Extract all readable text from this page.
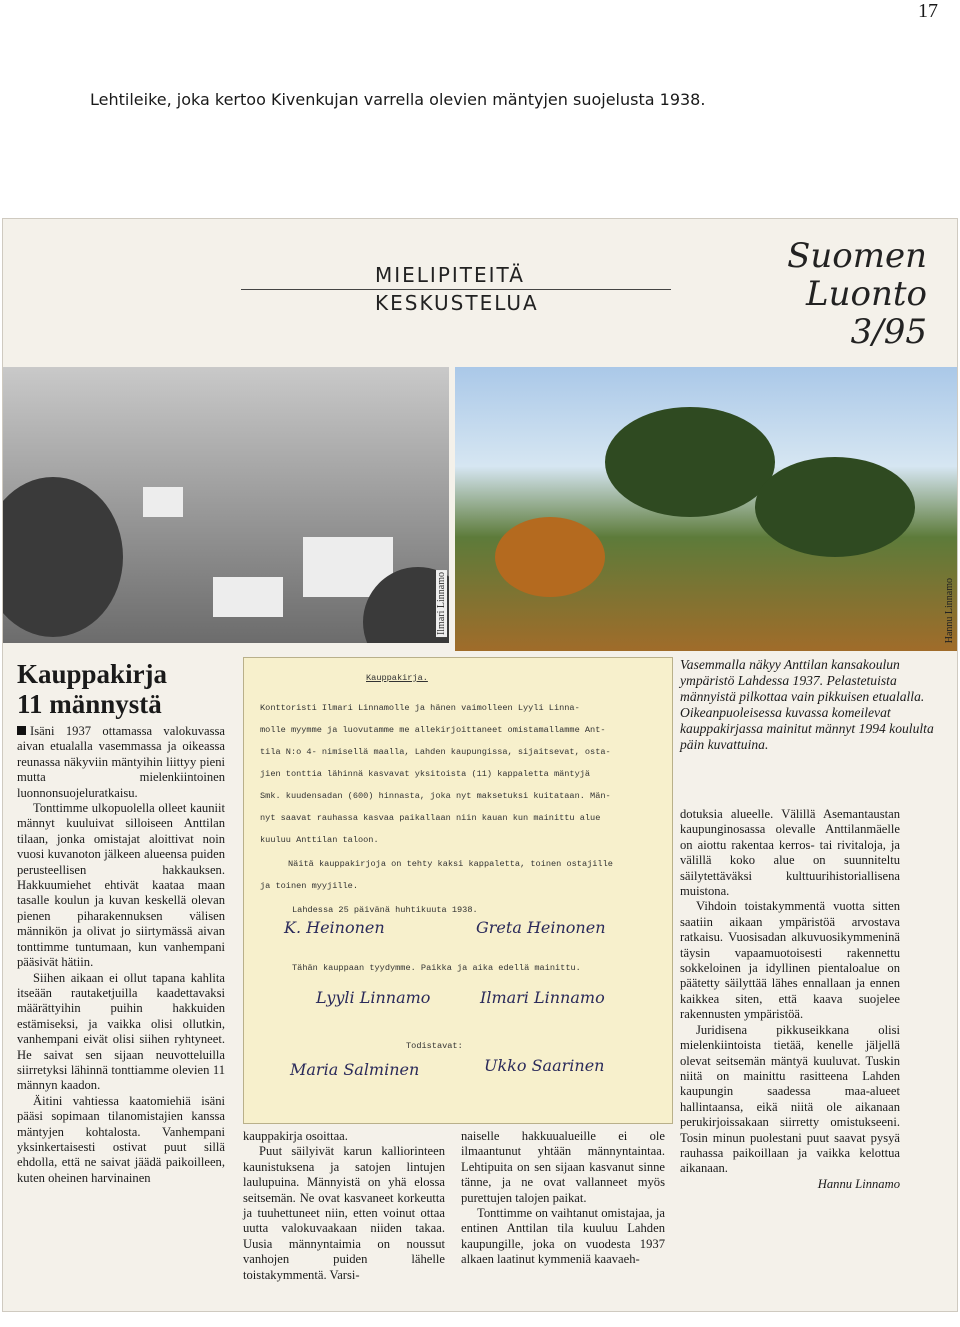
17
Lehtileike, joka kertoo Kivenkujan varrella olevien mäntyjen suojelusta 1938.
Suomen Luonto
3/95
MIELIPITEITÄ
KESKUSTELUA
Ilmari Linnamo	Hannu Linnamo
Kauppakirja
11 männystä

Isäni 1937 ottamassa valokuvassa aivan etualalla vasemmassa ja oikeassa reunassa näkyviin mäntyihin liittyy pieni mutta mielenkiintoinen luonnonsuojeluratkaisu.

Tonttimme ulkopuolella olleet kauniit männyt kuuluivat silloiseen Anttilan tilaan, jonka omistajat aloittivat noin vuosi kuvanoton jälkeen alueensa puiden perusteellisen hakkauksen. Hakkuumiehet ehtivät kaataa maan tasalle koulun ja kuvan keskellä olevan pienen piharakennuksen välisen männikön ja olivat jo siirtymässä aivan tonttimme tuntumaan, kun vanhempani pääsivät hätiin.

Siihen aikaan ei ollut tapana kahlita itseään rautaketjuilla kaadettavaksi määrättyihin puihin hakkuiden estämiseksi, ja vaikka olisi ollutkin, vanhempani eivät olisi siihen ryhtyneet. He saivat sen sijaan neuvotteluilla siirretyksi lähinnä tonttiamme olevien 11 männyn kaadon.

Äitini vahtiessa kaatomiehiä isäni pääsi sopimaan tilanomistajien kanssa mäntyjen kohtalosta. Vanhempani yksinkertaisesti ostivat puut sillä ehdolla, että ne saivat jäädä paikoilleen, kuten oheinen harvinainen

Kauppakirja.
Konttoristi Ilmari Linnamolle ja hänen vaimolleen Lyyli Linna-
molle myymme ja luovutamme me allekirjoittaneet omistamallamme Ant-
tila N:o 4- nimisellä maalla, Lahden kaupungissa, sijaitsevat, osta-
jien tonttia lähinnä kasvavat yksitoista (11) kappaletta mäntyjä
Smk. kuudensadan (600) hinnasta, joka nyt maksetuksi kuitataan. Män-
nyt saavat rauhassa kasvaa paikallaan niin kauan kun mainittu alue
kuuluu Anttilan taloon.
Näitä kauppakirjoja on tehty kaksi kappaletta, toinen ostajille
ja toinen myyjille.
Lahdessa 25 päivänä huhtikuuta 1938.
K. Heinonen	Greta Heinonen
Tähän kauppaan tyydymme. Paikka ja aika edellä mainittu.
Lyyli Linnamo	Ilmari Linnamo
Todistavat:
Maria Salminen	Ukko Saarinen
Vasemmalla näkyy Anttilan kansakoulun ympäristö Lahdessa 1937. Pelastetuista männyistä pilkottaa vain pikkuisen etualalla. Oikeanpuoleisessa kuvassa komeilevat kauppakirjassa mainitut männyt 1994 koululta päin kuvattuina.

dotuksia alueelle. Välillä Asemantaustan kaupunginosassa olevalle Anttilanmäelle on aiottu rakentaa kerros- tai rivitaloja, ja välillä koko alue on suunniteltu säilytettäväksi kulttuurihistoriallisena muistona.

Vihdoin toistakymmentä vuotta sitten saatiin aikaan ympäristöä arvostava ratkaisu. Vuosisadan alkuvuosikymmeninä täysin vapaamuotoisesti rakennettu sokkeloinen ja idyllinen pientaloalue on päätetty säilyttää lähes ennallaan ja ennen kaikkea siten, että kaava suojelee rakennusten ympäristöä.

Juridisena pikkuseikkana olisi mielenkiintoista tietää, kenelle jäljellä olevat seitsemän mäntyä kuuluvat. Tuskin niitä on mainittu rasitteena Lahden kaupungin saadessa maa-alueet hallintaansa, eikä niitä ole aikanaan perukirjoissakaan siirretty omistukseeni. Tosin minun puolestani puut saavat pysyä rauhassa paikoillaan ja vaikka kelottua aikanaan.

Hannu Linnamo

kauppakirja osoittaa.

Puut säilyivät karun kalliorinteen kaunistuksena ja satojen lintujen laulupuina. Männyistä on yhä elossa seitsemän. Ne ovat kasvaneet korkeutta ja tuuhettuneet niin, etten voinut ottaa uutta valokuvaakaan niiden takaa. Uusia männyntaimia on noussut vanhojen puiden lähelle toistakymmentä. Varsi-

naiselle hakkuualueille ei ole ilmaantunut yhtään männyntaintaa. Lehtipuita on sen sijaan kasvanut sinne tänne, ja ne ovat vallanneet myös purettujen talojen paikat.

Tonttimme on vaihtanut omistajaa, ja entinen Anttilan tila kuuluu Lahden kaupungille, joka on vuodesta 1937 alkaen laatinut kymmeniä kaavaeh-
